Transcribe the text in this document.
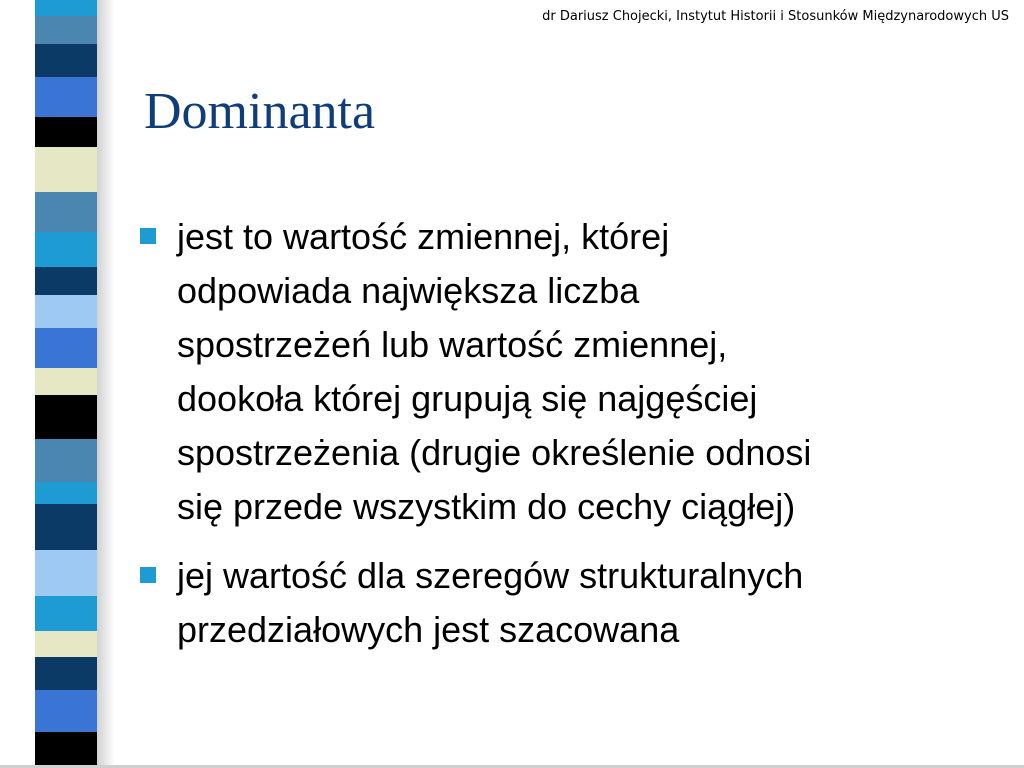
dr Dariusz Chojecki, Instytut Historii i Stosunków Międzynarodowych US
Dominanta
jest to wartość zmiennej, której
odpowiada największa liczba
spostrzeżeń lub wartość zmiennej,
dookoła której grupują się najgęściej
spostrzeżenia (drugie określenie odnosi
się przede wszystkim do cechy ciągłej)
jej wartość dla szeregów strukturalnych
przedziałowych jest szacowana
